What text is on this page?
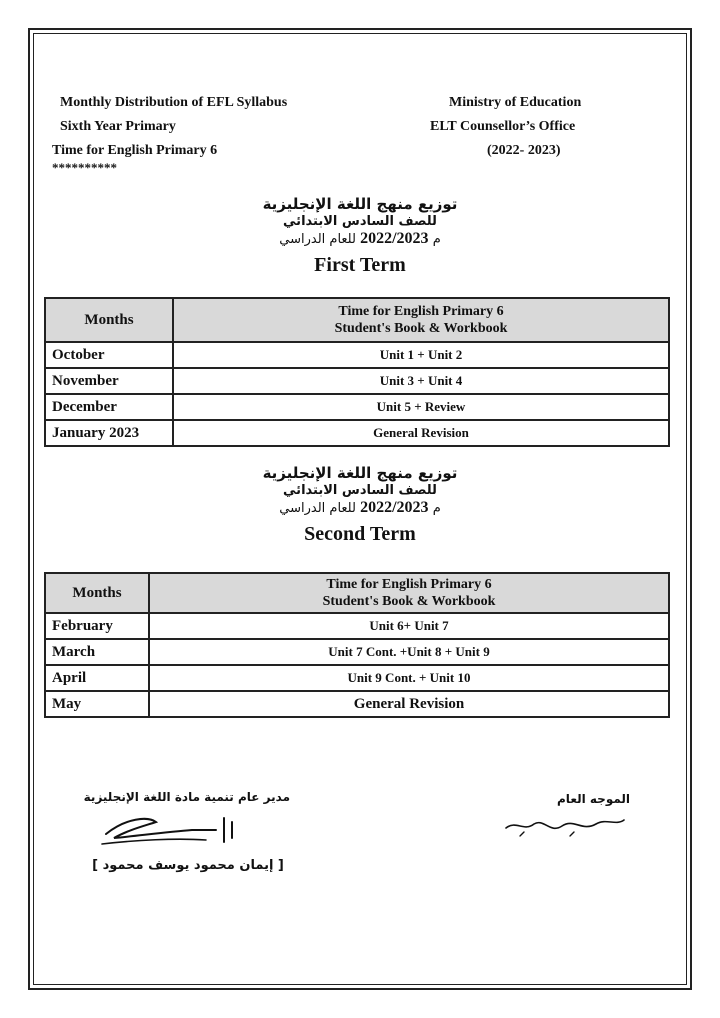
Monthly Distribution of EFL Syllabus
Sixth Year Primary
Time for English Primary 6
Ministry of Education
ELT Counsellor’s Office
(2022- 2023)
**********
توزيع منهج اللغة الإنجليزية
للصف السادس الابتدائي
م 2022/2023 للعام الدراسي
First Term
Months	Time for English Primary 6
Student's Book & Workbook

October	Unit 1 + Unit 2
November	Unit 3 + Unit 4
December	Unit 5 + Review
January 2023	General Revision
توزيع منهج اللغة الإنجليزية
للصف السادس الابتدائي
م 2022/2023 للعام الدراسي
Second Term
Months	Time for English Primary 6
Student's Book & Workbook

February	Unit 6+ Unit 7
March	Unit 7 Cont. +Unit 8 + Unit 9
April	Unit 9 Cont. + Unit 10
May	General Revision
مدير عام تنمية مادة اللغة الإنجليزية
[ إيمان محمود يوسف محمود ]
الموجه العام
